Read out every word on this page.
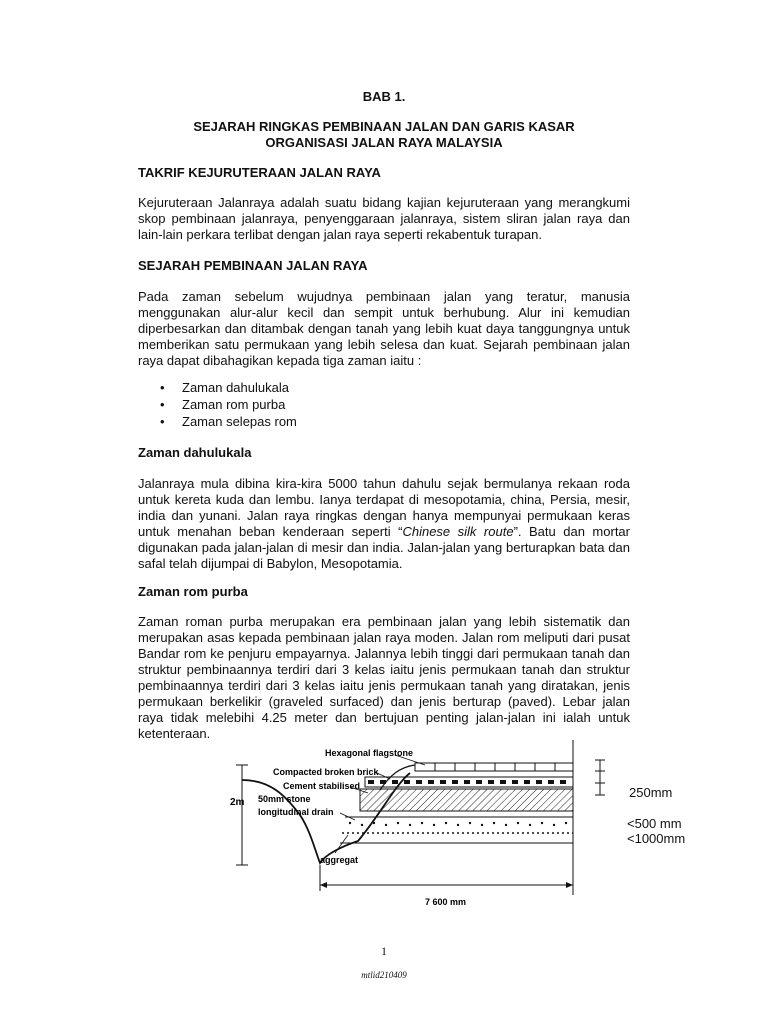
BAB 1.
SEJARAH RINGKAS PEMBINAAN JALAN DAN GARIS KASAR
ORGANISASI JALAN RAYA MALAYSIA
TAKRIF KEJURUTERAAN JALAN RAYA
Kejuruteraan Jalanraya adalah suatu bidang kajian kejuruteraan yang merangkumi skop pembinaan jalanraya, penyenggaraan jalanraya, sistem sliran jalan raya dan lain-lain perkara terlibat dengan jalan raya seperti rekabentuk turapan.
SEJARAH PEMBINAAN JALAN RAYA
Pada zaman sebelum wujudnya pembinaan jalan yang teratur, manusia menggunakan alur-alur kecil dan sempit untuk berhubung. Alur ini kemudian diperbesarkan dan ditambak dengan tanah yang lebih kuat daya tanggungnya untuk memberikan satu permukaan yang lebih selesa dan kuat. Sejarah pembinaan jalan raya dapat dibahagikan kepada tiga zaman iaitu :
• Zaman dahulukala
• Zaman rom purba
• Zaman selepas rom
Zaman dahulukala
Jalanraya mula dibina kira-kira 5000 tahun dahulu sejak bermulanya rekaan roda untuk kereta kuda dan lembu. Ianya terdapat di mesopotamia, china, Persia, mesir, india dan yunani. Jalan raya ringkas dengan hanya mempunyai permukaan keras untuk menahan beban kenderaan seperti “Chinese silk route”. Batu dan mortar digunakan pada jalan-jalan di mesir dan india. Jalan-jalan yang berturapkan bata dan safal telah dijumpai di Babylon, Mesopotamia.
Zaman rom purba
Zaman roman purba merupakan era pembinaan jalan yang lebih sistematik dan merupakan asas kepada pembinaan jalan raya moden. Jalan rom meliputi dari pusat Bandar rom ke penjuru empayarnya. Jalannya lebih tinggi dari permukaan tanah dan struktur pembinaannya terdiri dari 3 kelas iaitu jenis permukaan tanah dan struktur pembinaannya terdiri dari 3 kelas iaitu jenis permukaan tanah yang diratakan, jenis permukaan berkelikir (graveled surfaced) dan jenis berturap (paved). Lebar jalan raya tidak melebihi 4.25 meter dan bertujuan penting jalan-jalan ini ialah untuk ketenteraan.
Hexagonal flagstone
Compacted broken brick
Cement stabilised
50mm stone
longitudinal drain
aggregat
2m
7 600 mm
250mm
<500 mm
<1000mm
1
mtlid210409
